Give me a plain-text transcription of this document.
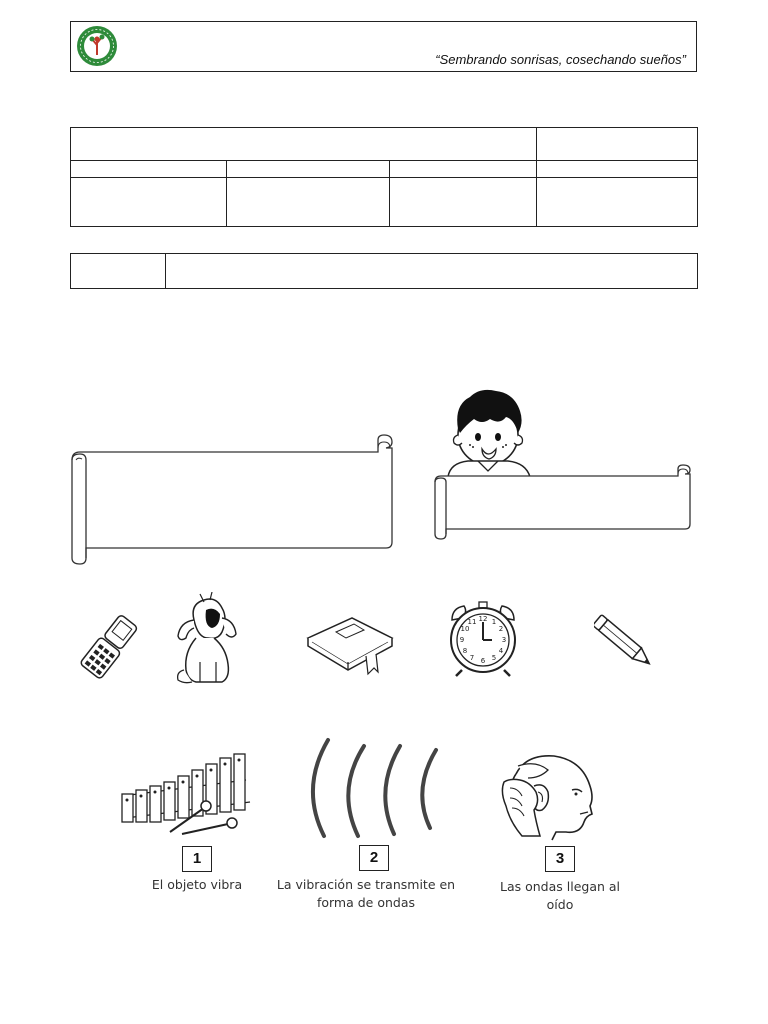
“Sembrando sonrisas, cosechando sueños”

12 1
2
3
4
5
6
7
8
9
10
11
1
El objeto vibra
2
La vibración se transmite en forma de ondas
3
Las ondas llegan al oído
